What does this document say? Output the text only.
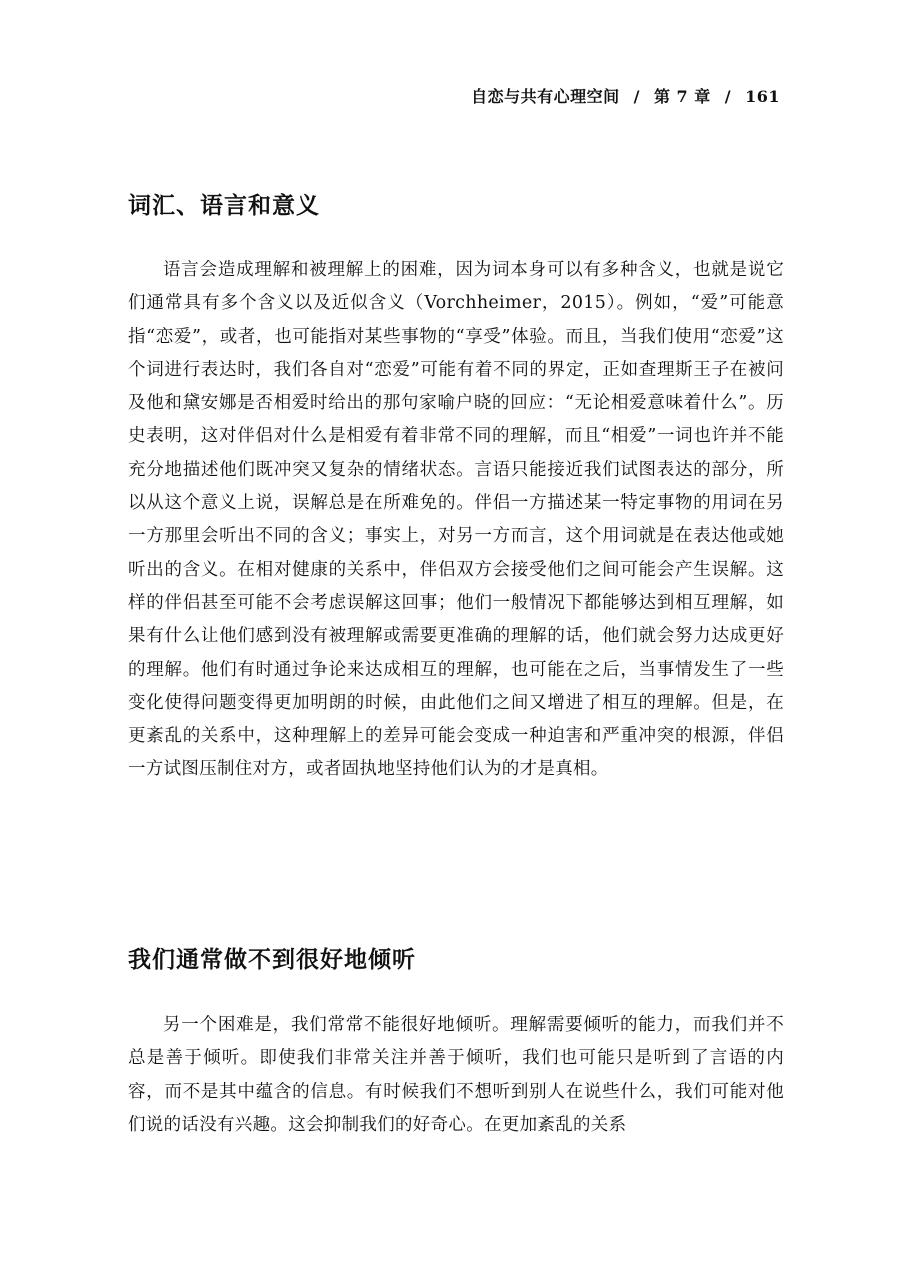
自恋与共有心理空间 / 第 7 章 / 161
词汇、语言和意义

语言会造成理解和被理解上的困难，因为词本身可以有多种含义，也就是说它们通常具有多个含义以及近似含义（Vorchheimer，2015）。例如，“爱”可能意指“恋爱”，或者，也可能指对某些事物的“享受”体验。而且，当我们使用“恋爱”这个词进行表达时，我们各自对“恋爱”可能有着不同的界定，正如查理斯王子在被问及他和黛安娜是否相爱时给出的那句家喻户晓的回应：“无论相爱意味着什么”。历史表明，这对伴侣对什么是相爱有着非常不同的理解，而且“相爱”一词也许并不能充分地描述他们既冲突又复杂的情绪状态。言语只能接近我们试图表达的部分，所以从这个意义上说，误解总是在所难免的。伴侣一方描述某一特定事物的用词在另一方那里会听出不同的含义；事实上，对另一方而言，这个用词就是在表达他或她听出的含义。在相对健康的关系中，伴侣双方会接受他们之间可能会产生误解。这样的伴侣甚至可能不会考虑误解这回事；他们一般情况下都能够达到相互理解，如果有什么让他们感到没有被理解或需要更准确的理解的话，他们就会努力达成更好的理解。他们有时通过争论来达成相互的理解，也可能在之后，当事情发生了一些变化使得问题变得更加明朗的时候，由此他们之间又增进了相互的理解。但是，在更紊乱的关系中，这种理解上的差异可能会变成一种迫害和严重冲突的根源，伴侣一方试图压制住对方，或者固执地坚持他们认为的才是真相。

我们通常做不到很好地倾听

另一个困难是，我们常常不能很好地倾听。理解需要倾听的能力，而我们并不总是善于倾听。即使我们非常关注并善于倾听，我们也可能只是听到了言语的内容，而不是其中蕴含的信息。有时候我们不想听到别人在说些什么，我们可能对他们说的话没有兴趣。这会抑制我们的好奇心。在更加紊乱的关系
